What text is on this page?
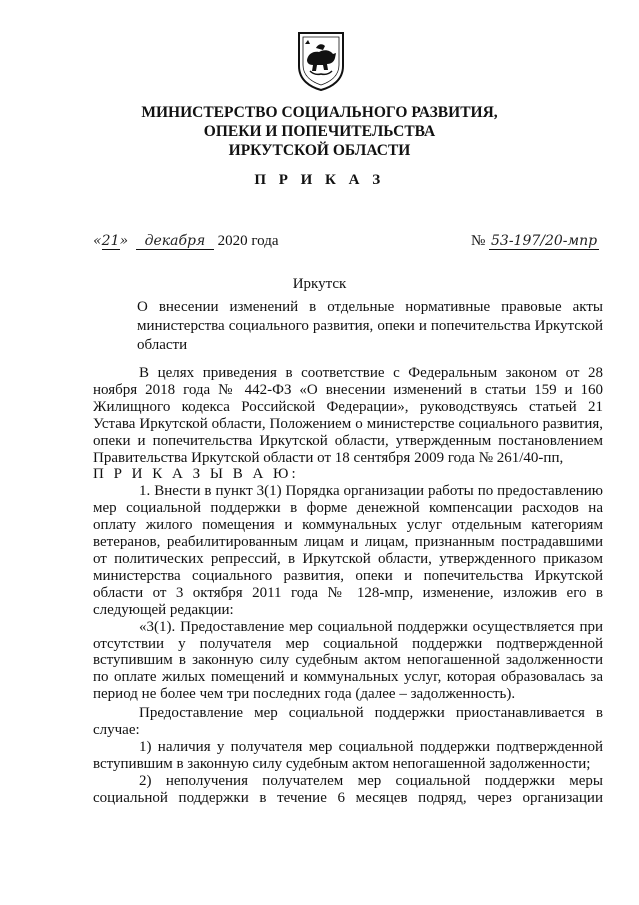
МИНИСТЕРСТВО СОЦИАЛЬНОГО РАЗВИТИЯ,
ОПЕКИ И ПОПЕЧИТЕЛЬСТВА
ИРКУТСКОЙ ОБЛАСТИ
П Р И К А З
«21» декабря 2020 года	№ 53-197/20-мпр
Иркутск
О внесении изменений в отдельные нормативные правовые акты министерства социального развития, опеки и попечительства Иркутской области

В целях приведения в соответствие с Федеральным законом от 28 ноября 2018 года № 442-ФЗ «О внесении изменений в статьи 159 и 160 Жилищного кодекса Российской Федерации», руководствуясь статьей 21 Устава Иркутской области, Положением о министерстве социального развития, опеки и попечительства Иркутской области, утвержденным постановлением Правительства Иркутской области от 18 сентября 2009 года № 261/40-пп,

П Р И К А З Ы В А Ю:

1. Внести в пункт 3(1) Порядка организации работы по предоставлению мер социальной поддержки в форме денежной компенсации расходов на оплату жилого помещения и коммунальных услуг отдельным категориям ветеранов, реабилитированным лицам и лицам, признанным пострадавшими от политических репрессий, в Иркутской области, утвержденного приказом министерства социального развития, опеки и попечительства Иркутской области от 3 октября 2011 года № 128-мпр, изменение, изложив его в следующей редакции:

«3(1). Предоставление мер социальной поддержки осуществляется при отсутствии у получателя мер социальной поддержки подтвержденной вступившим в законную силу судебным актом непогашенной задолженности по оплате жилых помещений и коммунальных услуг, которая образовалась за период не более чем три последних года (далее – задолженность).

Предоставление мер социальной поддержки приостанавливается в случае:

1) наличия у получателя мер социальной поддержки подтвержденной вступившим в законную силу судебным актом непогашенной задолженности;

2) неполучения получателем мер социальной поддержки меры социальной поддержки в течение 6 месяцев подряд, через организации
